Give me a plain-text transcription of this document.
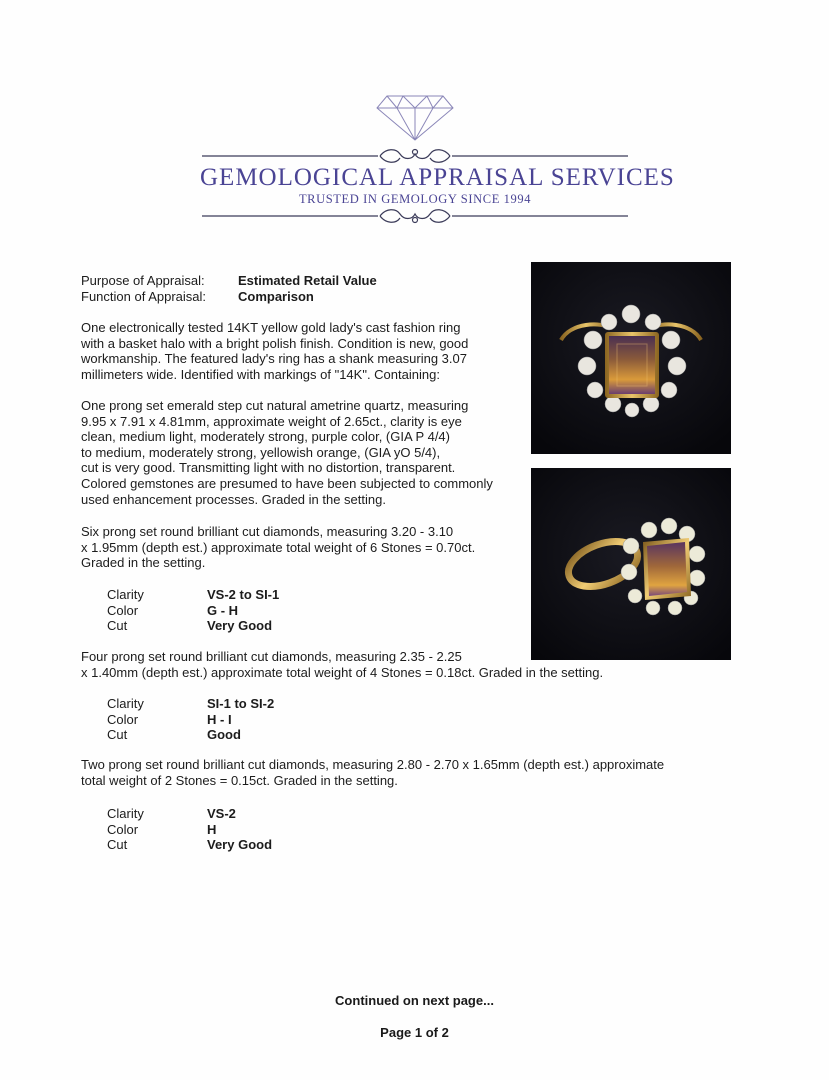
GEMOLOGICAL APPRAISAL SERVICES
TRUSTED IN GEMOLOGY SINCE 1994
Purpose of Appraisal:	Estimated Retail Value
Function of Appraisal: Comparison
One electronically tested 14KT yellow gold lady's cast fashion ring
with a basket halo with a bright polish finish. Condition is new, good
workmanship. The featured lady's ring has a shank measuring 3.07
millimeters wide. Identified with markings of "14K". Containing:
One prong set emerald step cut natural ametrine quartz, measuring
9.95 x 7.91 x 4.81mm, approximate weight of 2.65ct., clarity is eye
clean, medium light, moderately strong, purple color, (GIA P 4/4)
to medium, moderately strong, yellowish orange, (GIA yO 5/4),
cut is very good. Transmitting light with no distortion, transparent.
Colored gemstones are presumed to have been subjected to commonly
used enhancement processes. Graded in the setting.
Six prong set round brilliant cut diamonds, measuring 3.20 - 3.10
x 1.95mm (depth est.) approximate total weight of 6 Stones = 0.70ct.
Graded in the setting.
Clarity	VS-2 to SI-1
Color	G - H
Cut	Very Good
Four prong set round brilliant cut diamonds, measuring 2.35 - 2.25
x 1.40mm (depth est.) approximate total weight of 4 Stones = 0.18ct. Graded in the setting.
Clarity	SI-1 to SI-2
Color	H - I
Cut	Good
Two prong set round brilliant cut diamonds, measuring 2.80 - 2.70 x 1.65mm (depth est.) approximate
total weight of 2 Stones = 0.15ct. Graded in the setting.
Clarity	VS-2
Color	H
Cut	Very Good
Continued on next page...
Page 1 of 2
